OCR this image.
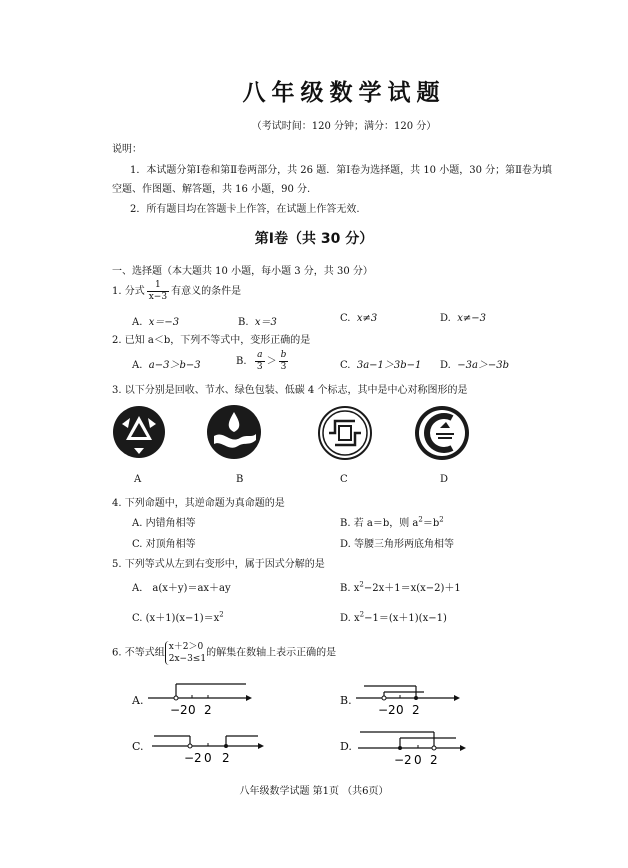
八年级数学试题
（考试时间：120 分钟；满分：120 分）
说明：
1．本试题分第Ⅰ卷和第Ⅱ卷两部分，共 26 题．第Ⅰ卷为选择题，共 10 小题，30 分；第Ⅱ卷为填
空题、作图题、解答题，共 16 小题，90 分.
2．所有题目均在答题卡上作答，在试题上作答无效.
第Ⅰ卷（共 30 分）
一、选择题（本大题共 10 小题，每小题 3 分，共 30 分）
1. 分式 $\frac{1}{x-3}$ 有意义的条件是
A. x＝−3	B. x＝3	C. x≠3	D. x≠−3
2. 已知 a＜b，下列不等式中，变形正确的是
A. a−3＞b−3	B. $\frac{a}{3} > \frac{b}{3}$	C. 3a−1＞3b−1 D. −3a＞−3b
3. 以下分别是回收、节水、绿色包装、低碳 4 个标志，其中是中心对称图形的是
A	B	C	D
4. 下列命题中，其逆命题为真命题的是
A. 内错角相等	B. 若 a＝b，则 $a^2=b^2$
C. 对顶角相等	D. 等腰三角形两底角相等
5. 下列等式从左到右变形中，属于因式分解的是
A． a(x＋y)＝ax＋ay	B. $x^2-2x+1=x(x-2)+1$
C. $(x+1)(x-1)=x^2$	D. $x^2-1=(x+1)(x-1)$
6. 不等式组
x＋2＞0
2x−3≤1
的解集在数轴上表示正确的是
A.
−2 0 2
B.
−2 0 2
C.
−2 0 2
D.
−2 0 2
八年级数学试题 第1页 （共6页）
